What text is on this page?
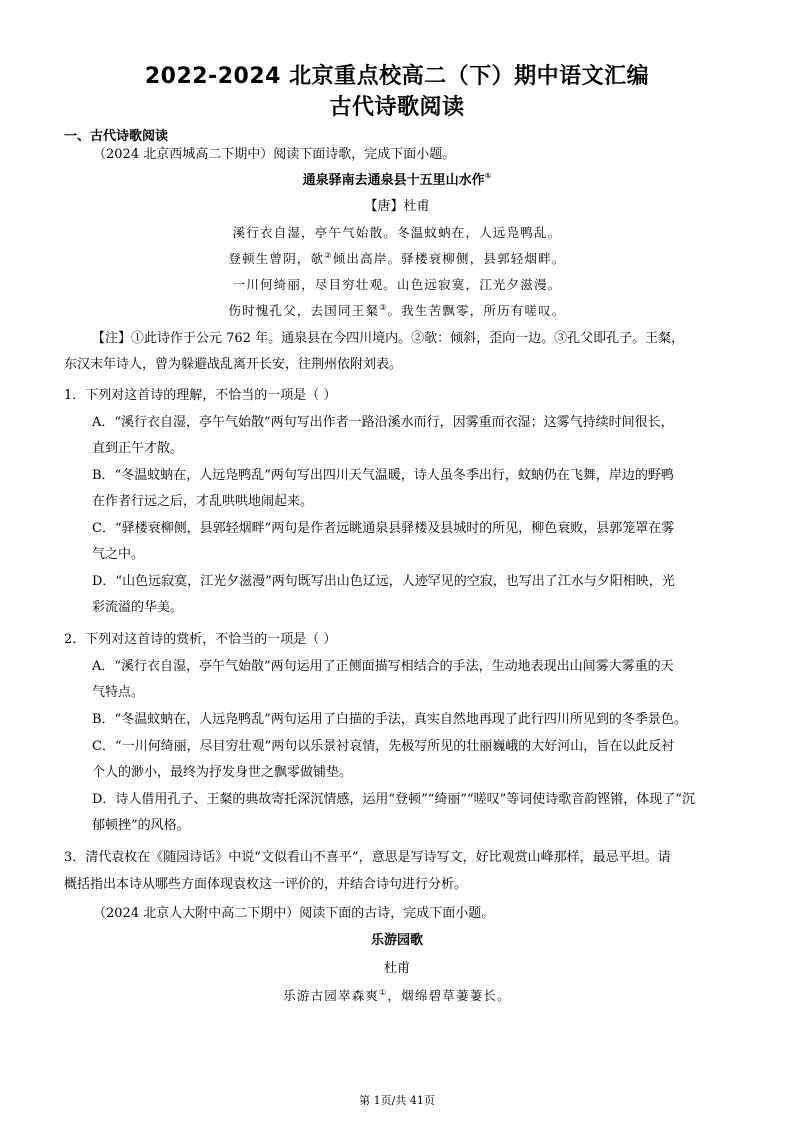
2022-2024 北京重点校高二（下）期中语文汇编
古代诗歌阅读
一、古代诗歌阅读
（2024 北京西城高二下期中）阅读下面诗歌，完成下面小题。
通泉驿南去通泉县十五里山水作①
【唐】杜甫
溪行衣自湿，亭午气始散。冬温蚊蚋在，人远凫鸭乱。
登顿生曾阴，欹②倾出高岸。驿楼衰柳侧，县郭轻烟畔。
一川何绮丽，尽目穷壮观。山色远寂寞，江光夕滋漫。
伤时愧孔父，去国同王粲③。我生苦飘零，所历有嗟叹。
【注】①此诗作于公元 762 年。通泉县在今四川境内。②欹：倾斜，歪向一边。③孔父即孔子。王粲，
东汉末年诗人，曾为躲避战乱离开长安，往荆州依附刘表。
1．下列对这首诗的理解，不恰当的一项是（ ）
A．“溪行衣自湿，亭午气始散”两句写出作者一路沿溪水而行，因雾重而衣湿；这雾气持续时间很长，
直到正午才散。
B．“冬温蚊蚋在，人远凫鸭乱”两句写出四川天气温暖，诗人虽冬季出行，蚊蚋仍在飞舞，岸边的野鸭
在作者行远之后，才乱哄哄地闹起来。
C．“驿楼衰柳侧，县郭轻烟畔”两句是作者远眺通泉县驿楼及县城时的所见，柳色衰败，县郭笼罩在雾
气之中。
D．“山色远寂寞，江光夕滋漫”两句既写出山色辽远，人迹罕见的空寂，也写出了江水与夕阳相映，光
彩流溢的华美。
2．下列对这首诗的赏析，不恰当的一项是（ ）
A．“溪行衣自湿，亭午气始散”两句运用了正侧面描写相结合的手法，生动地表现出山间雾大雾重的天
气特点。
B．“冬温蚊蚋在，人远凫鸭乱”两句运用了白描的手法，真实自然地再现了此行四川所见到的冬季景色。
C．“一川何绮丽，尽目穷壮观”两句以乐景衬哀情，先极写所见的壮丽巍峨的大好河山，旨在以此反衬
个人的渺小，最终为抒发身世之飘零做铺垫。
D．诗人借用孔子、王粲的典故寄托深沉情感，运用“登顿”“绮丽”“嗟叹”等词使诗歌音韵铿锵，体现了“沉
郁顿挫”的风格。
3．清代袁枚在《随园诗话》中说“文似看山不喜平”，意思是写诗写文，好比观赏山峰那样，最忌平坦。请
概括指出本诗从哪些方面体现袁枚这一评价的，并结合诗句进行分析。
（2024 北京人大附中高二下期中）阅读下面的古诗，完成下面小题。
乐游园歌
杜甫
乐游古园崒森爽①，烟绵碧草萋萋长。
第 1页/共 41页
